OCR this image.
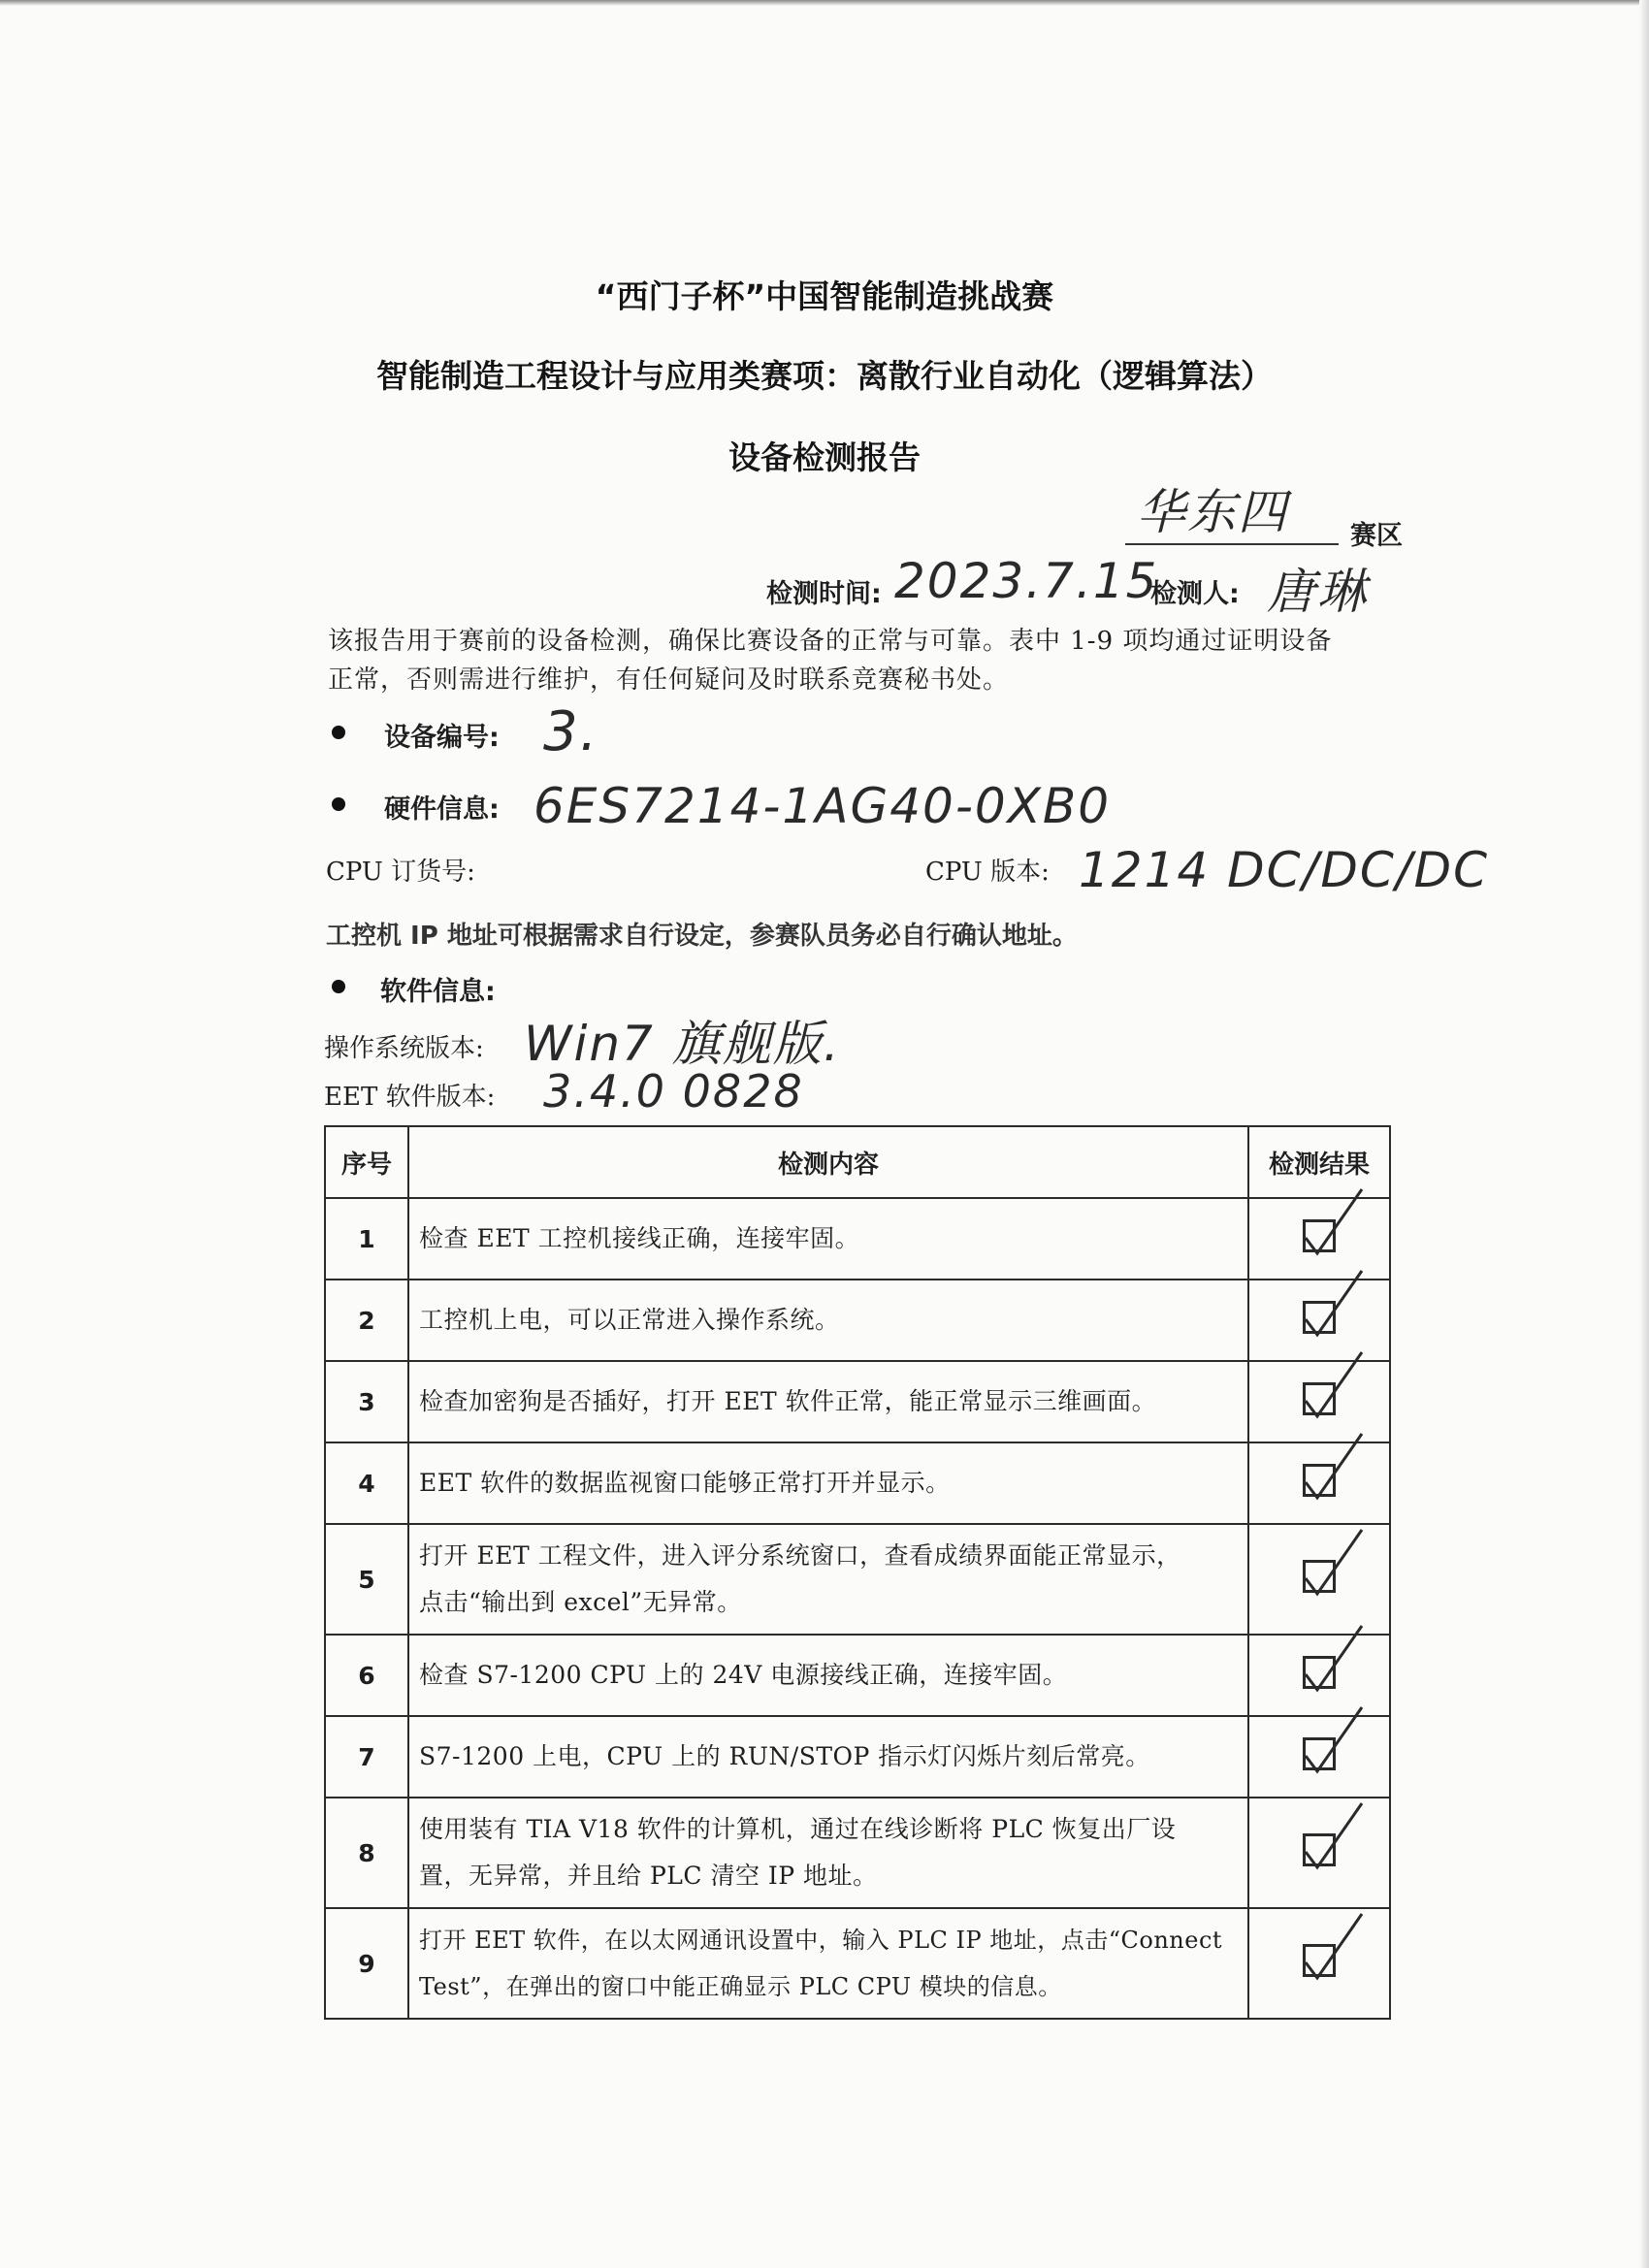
“西门子杯”中国智能制造挑战赛
智能制造工程设计与应用类赛项：离散行业自动化（逻辑算法）
设备检测报告
华东四 赛区
检测时间: 2023.7.15
检测人: 唐琳
该报告用于赛前的设备检测，确保比赛设备的正常与可靠。表中 1-9 项均通过证明设备
正常，否则需进行维护，有任何疑问及时联系竞赛秘书处。
设备编号: 3.
硬件信息: 6ES7214-1AG40-0XB0
CPU 订货号:	CPU 版本: 1214 DC/DC/DC
工控机 IP 地址可根据需求自行设定，参赛队员务必自行确认地址。
软件信息:
操作系统版本: Win7 旗舰版.
EET 软件版本: 3.4.0 0828
序号	检测内容	检测结果
1	检查 EET 工控机接线正确，连接牢固。	

2	工控机上电，可以正常进入操作系统。	

3	检查加密狗是否插好，打开 EET 软件正常，能正常显示三维画面。	

4	EET 软件的数据监视窗口能够正常打开并显示。	

5	打开 EET 工程文件，进入评分系统窗口，查看成绩界面能正常显示，
点击“输出到 excel”无异常。	

6	检查 S7-1200 CPU 上的 24V 电源接线正确，连接牢固。	

7	S7-1200 上电，CPU 上的 RUN/STOP 指示灯闪烁片刻后常亮。	

8	使用装有 TIA V18 软件的计算机，通过在线诊断将 PLC 恢复出厂设
置，无异常，并且给 PLC 清空 IP 地址。	

9	打开 EET 软件，在以太网通讯设置中，输入 PLC IP 地址，点击“Connect
Test”，在弹出的窗口中能正确显示 PLC CPU 模块的信息。	
